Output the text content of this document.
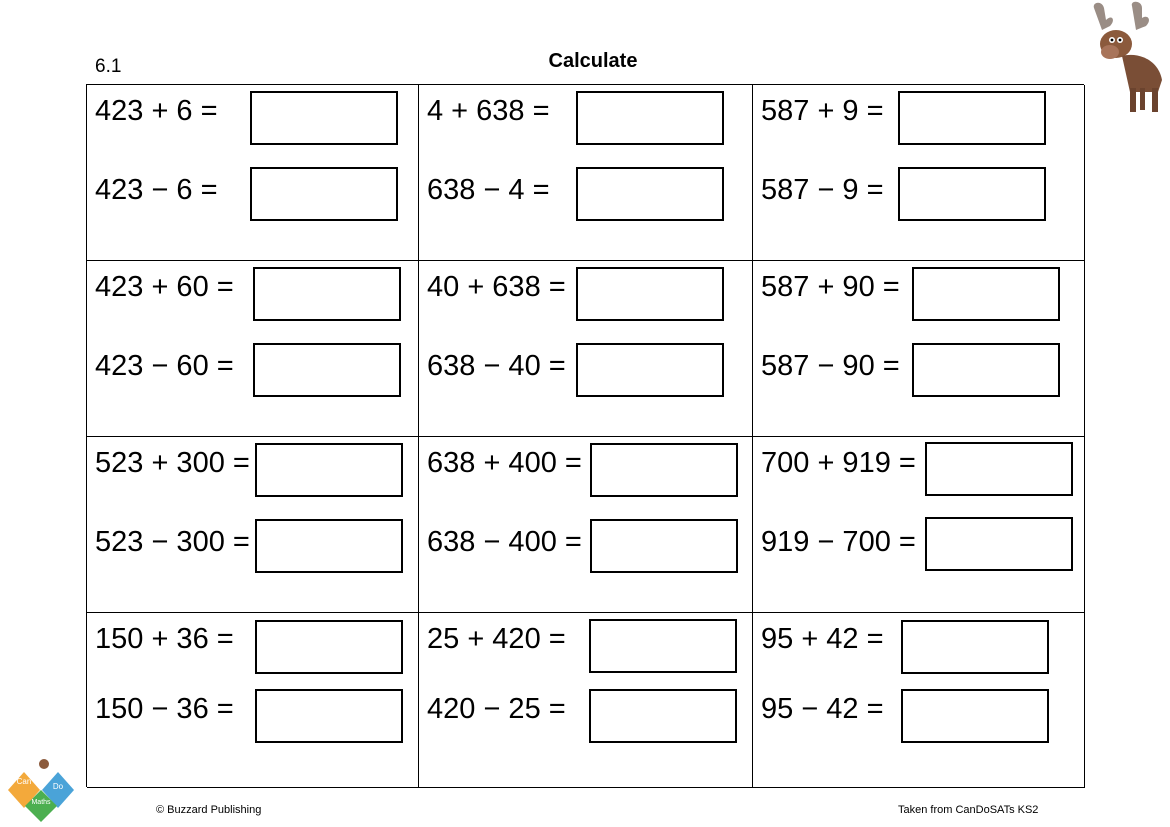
6.1	Calculate
423 + 6 =
423 − 6 =
4 + 638 =
638 − 4 =
587 + 9 =
587 − 9 =
423 + 60 =
423 − 60 =
40 + 638 =
638 − 40 =
587 + 90 =
587 − 90 =
523 + 300 =
523 − 300 =
638 + 400 =
638 − 400 =
700 + 919 =
919 − 700 =
150 + 36 =
150 − 36 =
25 + 420 =
420 − 25 =
95 + 42 =
95 − 42 =
© Buzzard Publishing	Taken from CanDoSATs KS2
Can
Do
Maths
